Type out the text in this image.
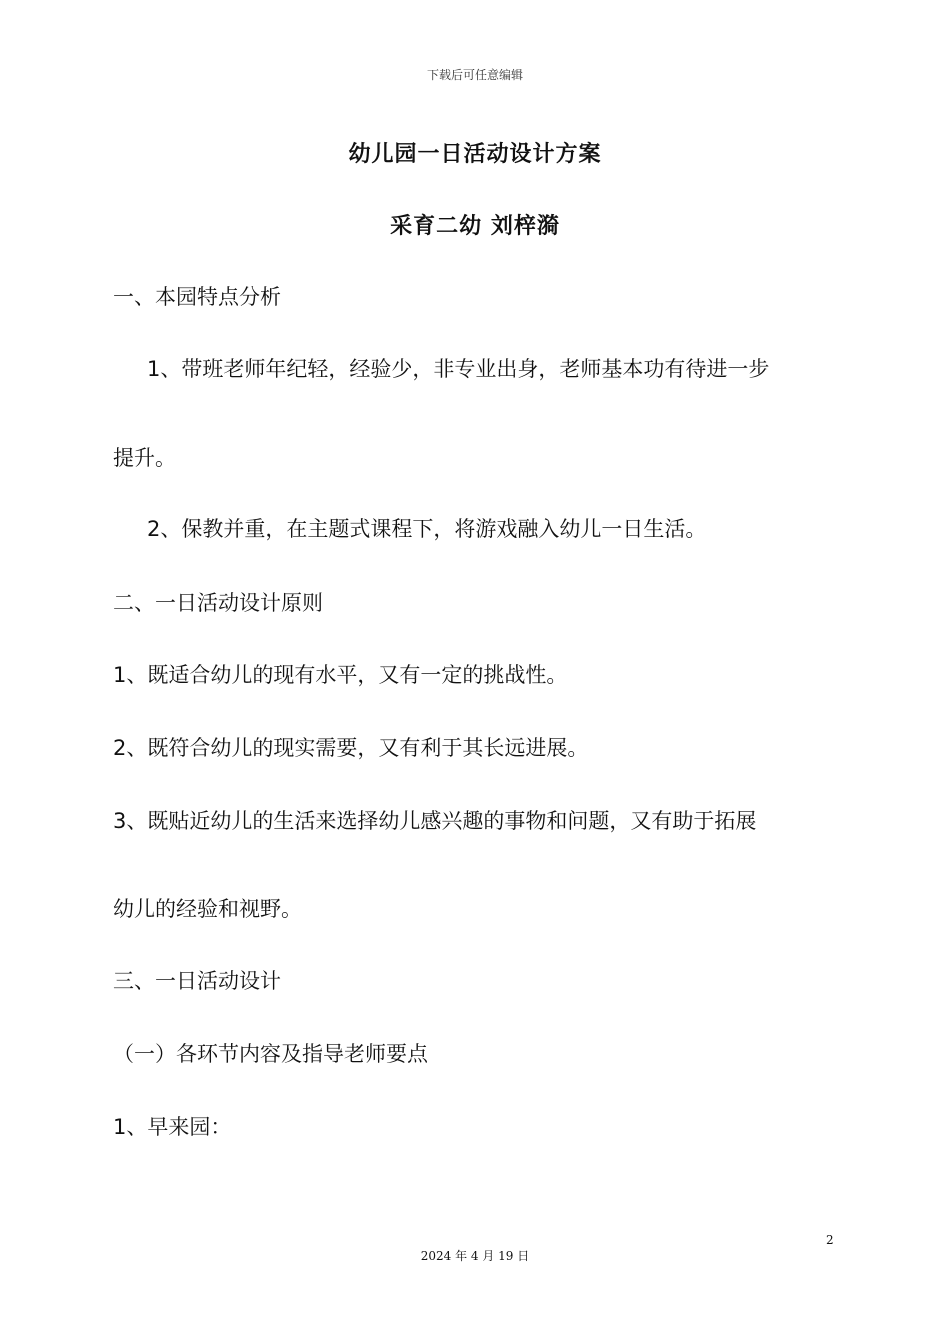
下载后可任意编辑
幼儿园一日活动设计方案
采育二幼 刘梓漪
一、本园特点分析
1、带班老师年纪轻，经验少，非专业出身，老师基本功有待进一步
提升。
2、保教并重，在主题式课程下，将游戏融入幼儿一日生活。
二、一日活动设计原则
1、既适合幼儿的现有水平，又有一定的挑战性。
2、既符合幼儿的现实需要，又有利于其长远进展。
3、既贴近幼儿的生活来选择幼儿感兴趣的事物和问题，又有助于拓展
幼儿的经验和视野。
三、一日活动设计
（一）各环节内容及指导老师要点
1、早来园：
2
2024 年 4 月 19 日
